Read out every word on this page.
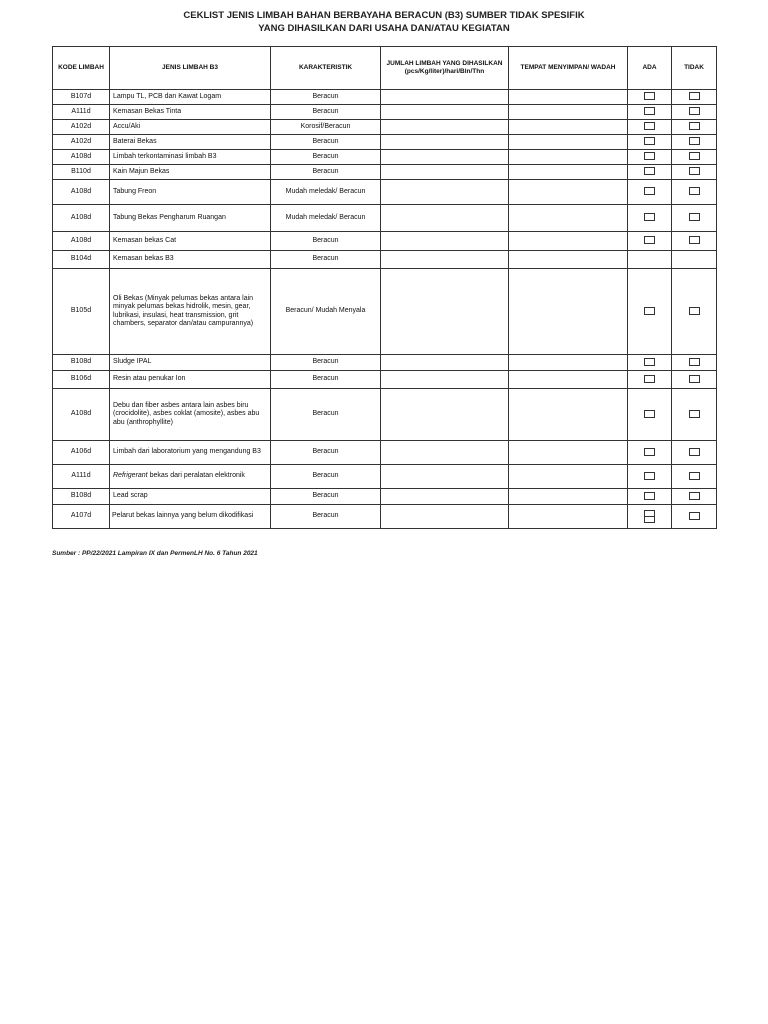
CEKLIST JENIS LIMBAH BAHAN BERBAYAHA BERACUN (B3) SUMBER TIDAK SPESIFIK
YANG DIHASILKAN DARI USAHA DAN/ATAU KEGIATAN
KODE LIMBAH	JENIS LIMBAH B3	KARAKTERISTIK	JUMLAH LIMBAH YANG DIHASILKAN (pcs/Kg/liter)/hari/Bln/Thn	TEMPAT MENYIMPAN/ WADAH	ADA	TIDAK
B107d	Lampu TL, PCB dan Kawat Logam	Beracun				
A111d	Kemasan Bekas Tinta	Beracun				
A102d	Accu/Aki	Korosif/Beracun				
A102d	Baterai Bekas	Beracun				
A108d	Limbah terkontaminasi limbah B3	Beracun				
B110d	Kain Majun Bekas	Beracun				
A108d	Tabung Freon	Mudah meledak/ Beracun				
A108d	Tabung Bekas Pengharum Ruangan	Mudah meledak/ Beracun				
A108d	Kemasan bekas Cat	Beracun				
B104d	Kemasan bekas B3	Beracun				
B105d	Oli Bekas (Minyak pelumas bekas antara lain minyak pelumas bekas hidrolik, mesin, gear, lubrikasi, insulasi, heat transmission, grit chambers, separator dan/atau campurannya)	Beracun/ Mudah Menyala				
B108d	Sludge IPAL	Beracun				
B106d	Resin atau penukar Ion	Beracun				
A108d	Debu dan fiber asbes antara lain asbes biru (crocidolite), asbes coklat (amosite), asbes abu abu (anthrophyllite)	Beracun				
A106d	Limbah dari laboratorium yang mengandung B3	Beracun				
A111d	Refrigerant bekas dari peralatan elektronik	Beracun				
B108d	Lead scrap	Beracun				
A107d	Pelarut bekas lainnya yang belum dikodifikasi	Beracun				
Sumber : PP/22/2021 Lampiran IX dan PermenLH No. 6 Tahun 2021
